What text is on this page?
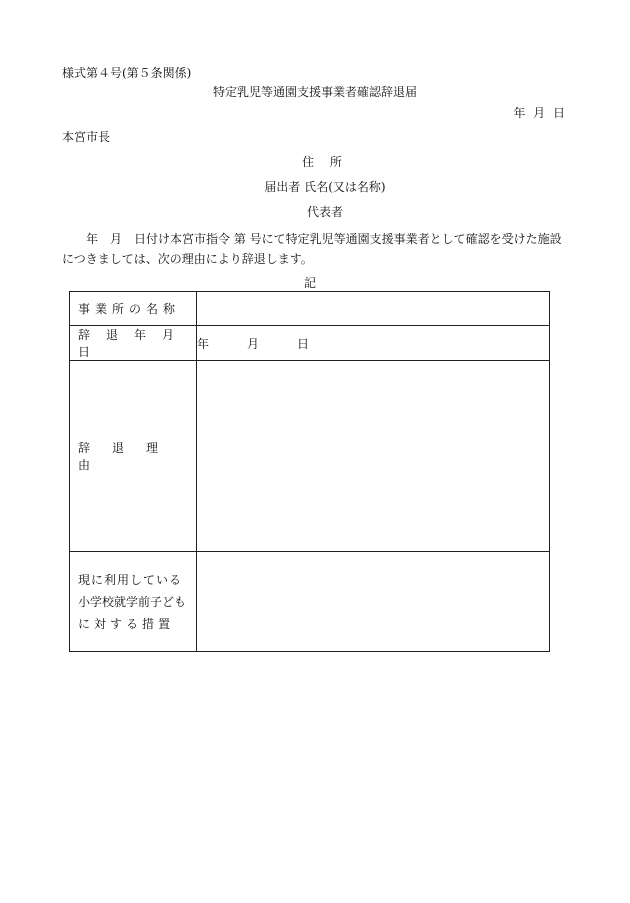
様式第４号(第５条関係)
特定乳児等通園支援事業者確認辞退届
年 月 日
本宮市長
住 所
届出者 氏名(又は名称)
代表者
　　年　月　日付け本宮市指令 第 号にて特定乳児等通園支援事業者として確認を受けた施設につきましては、次の理由により辞退します。
記
事業所の名称	
辞退年月日	年 月 日
辞退理由	

現に利用している
小学校就学前子ども
に対する措置	
